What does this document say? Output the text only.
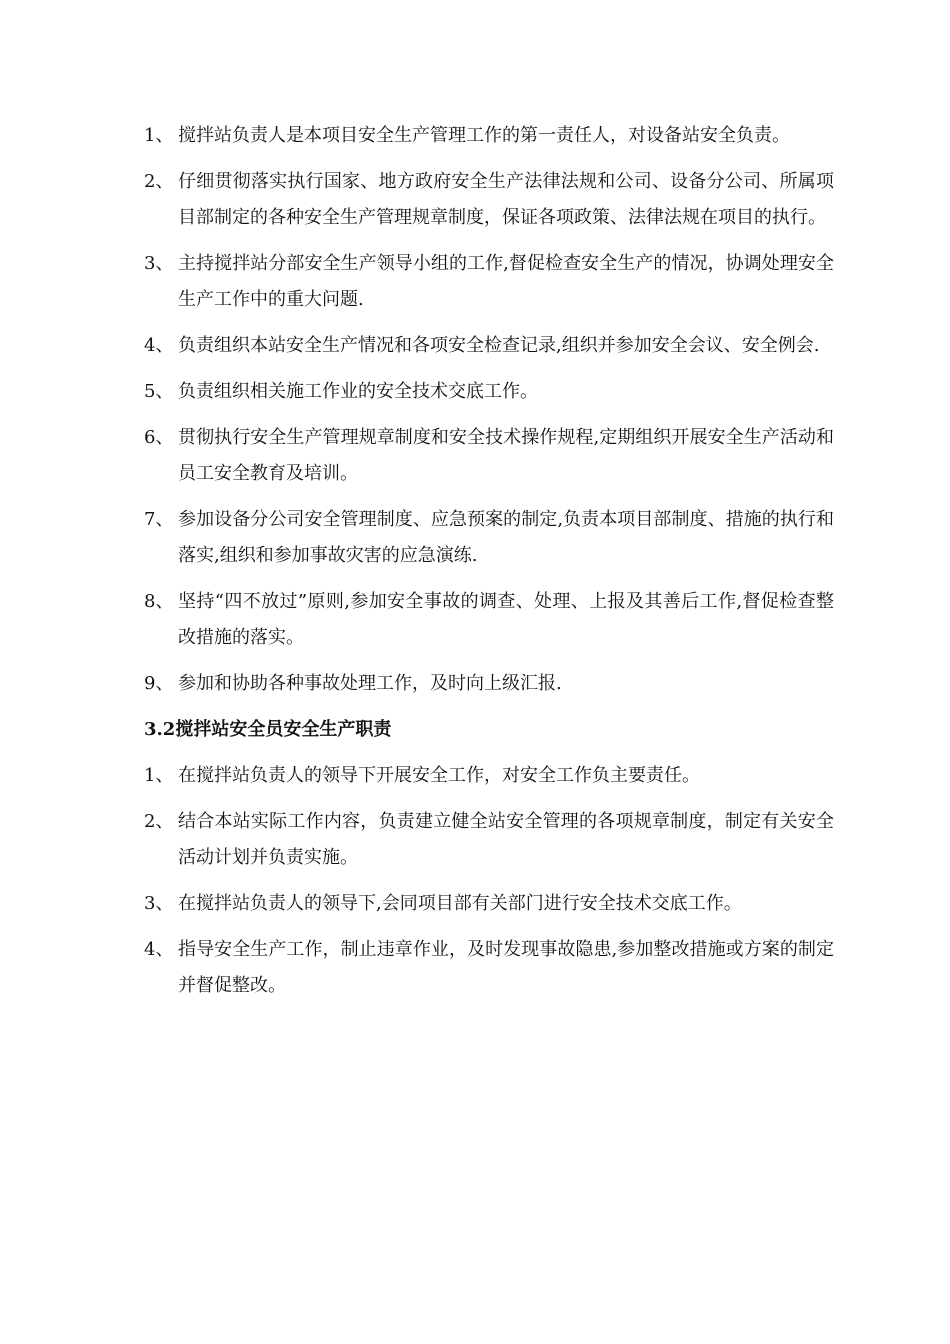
1、 搅拌站负责人是本项目安全生产管理工作的第一责任人，对设备站安全负责。
2、 仔细贯彻落实执行国家、地方政府安全生产法律法规和公司、设备分公司、所属项目部制定的各种安全生产管理规章制度，保证各项政策、法律法规在项目的执行。
3、 主持搅拌站分部安全生产领导小组的工作,督促检查安全生产的情况，协调处理安全生产工作中的重大问题.
4、 负责组织本站安全生产情况和各项安全检查记录,组织并参加安全会议、安全例会.
5、 负责组织相关施工作业的安全技术交底工作。
6、 贯彻执行安全生产管理规章制度和安全技术操作规程,定期组织开展安全生产活动和员工安全教育及培训。
7、 参加设备分公司安全管理制度、应急预案的制定,负责本项目部制度、措施的执行和落实,组织和参加事故灾害的应急演练.
8、 坚持“四不放过”原则,参加安全事故的调查、处理、上报及其善后工作,督促检查整改措施的落实。
9、 参加和协助各种事故处理工作，及时向上级汇报.
3.2搅拌站安全员安全生产职责
1、 在搅拌站负责人的领导下开展安全工作，对安全工作负主要责任。
2、 结合本站实际工作内容，负责建立健全站安全管理的各项规章制度，制定有关安全活动计划并负责实施。
3、 在搅拌站负责人的领导下,会同项目部有关部门进行安全技术交底工作。
4、 指导安全生产工作，制止违章作业，及时发现事故隐患,参加整改措施或方案的制定并督促整改。
